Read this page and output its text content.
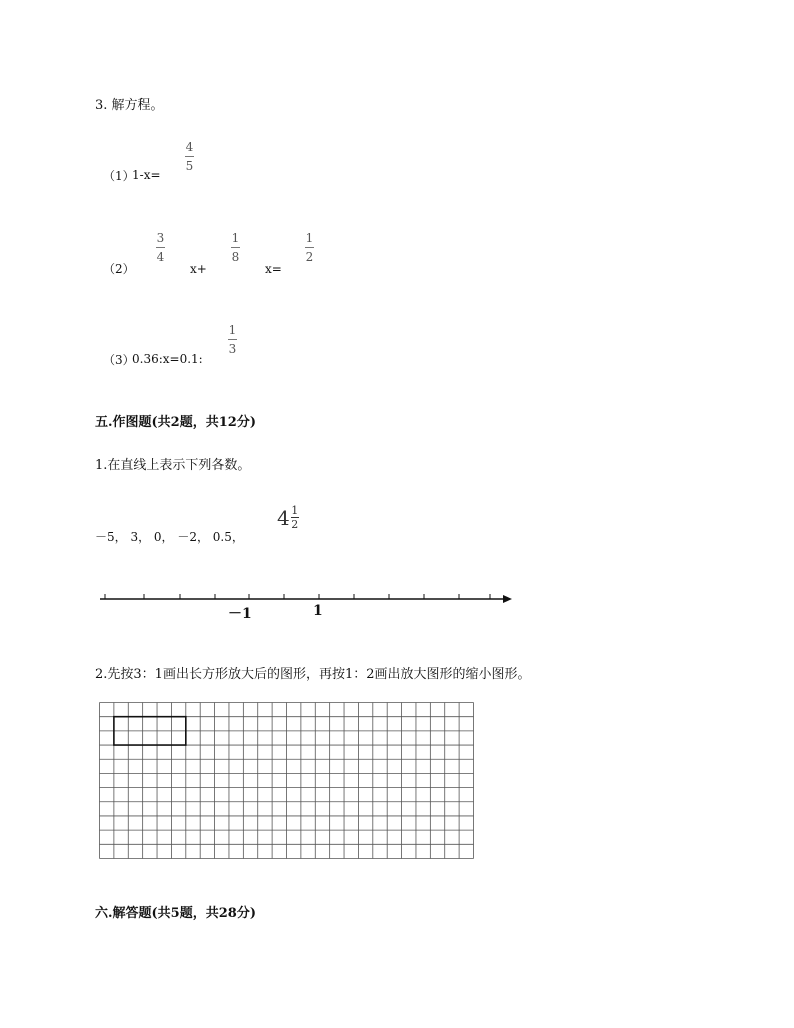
3. 解方程。
（1）
1-x=
4
5
（2）
3
4
x+
1
8
x=
1
2
（3）
0.36:x=0.1:
1
3
五.作图题(共2题，共12分)
1.在直线上表示下列各数。
－5， 3， 0， －2， 0.5，
4 1
2
－1	1
2.先按3：1画出长方形放大后的图形，再按1：2画出放大图形的缩小图形。
六.解答题(共5题，共28分)
